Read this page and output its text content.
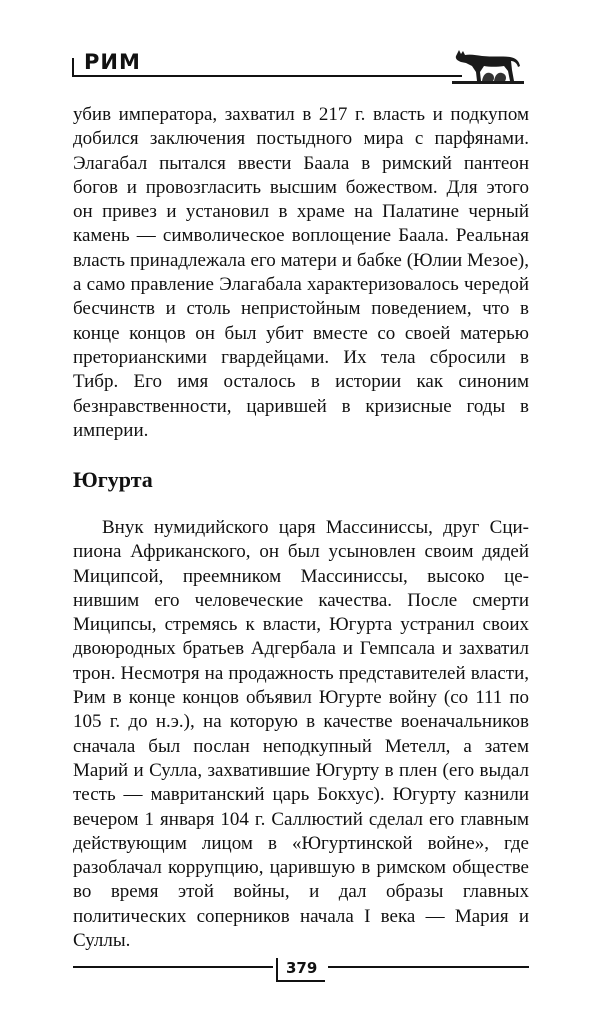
РИМ

убив императора, захватил в 217 г. власть и подкупом добился заключения постыдного мира с парфянами. Элагабал пытался ввести Баала в римский пантеон богов и провозгласить высшим божеством. Для этого он привез и установил в храме на Палатине черный камень — символическое воплощение Баала. Реальная власть принадлежала его матери и бабке (Юлии Мезое), а само правление Элагабала характеризовалось чередой бесчинств и столь непристойным поведением, что в конце концов он был убит вместе со своей матерью преторианскими гвардейцами. Их тела сбросили в Тибр. Его имя осталось в истории как синоним безнравственности, царившей в кризисные годы в империи.

Югурта

Внук нумидийского царя Массиниссы, друг Сципиона Африканского, он был усыновлен своим дядей Миципсой, преемником Массиниссы, высоко ценившим его человеческие качества. После смерти Миципсы, стремясь к власти, Югурта устранил своих двоюродных братьев Адгербала и Гемпсала и захватил трон. Несмотря на продажность представителей власти, Рим в конце концов объявил Югурте войну (со 111 по 105 г. до н.э.), на которую в качестве военачальников сначала был послан неподкупный Метелл, а затем Марий и Сулла, захватившие Югурту в плен (его выдал тесть — мавританский царь Бокхус). Югурту казнили вечером 1 января 104 г. Саллюстий сделал его главным действующим лицом в «Югуртинской войне», где разоблачал коррупцию, царившую в римском обществе во время этой войны, и дал образы главных политических соперников начала I века — Мария и Суллы.

379
